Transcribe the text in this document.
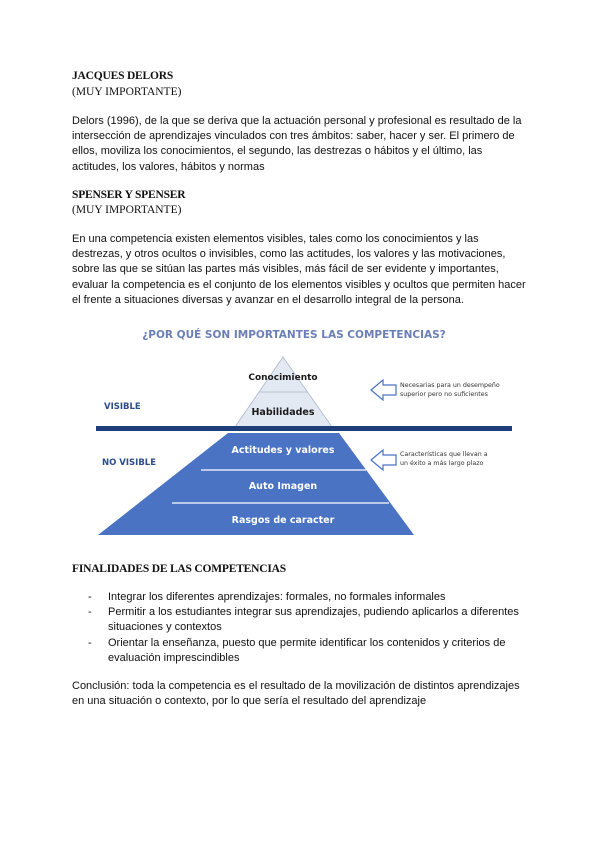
JACQUES DELORS
(MUY IMPORTANTE)
Delors (1996), de la que se deriva que la actuación personal y profesional es resultado de la intersección de aprendizajes vinculados con tres ámbitos: saber, hacer y ser. El primero de ellos, moviliza los conocimientos, el segundo, las destrezas o hábitos y el último, las actitudes, los valores, hábitos y normas
SPENSER Y SPENSER
(MUY IMPORTANTE)
En una competencia existen elementos visibles, tales como los conocimientos y las destrezas, y otros ocultos o invisibles, como las actitudes, los valores y las motivaciones, sobre las que se sitúan las partes más visibles, más fácil de ser evidente y importantes, evaluar la competencia es el conjunto de los elementos visibles y ocultos que permiten hacer el frente a situaciones diversas y avanzar en el desarrollo integral de la persona.
¿POR QUÉ SON IMPORTANTES LAS COMPETENCIAS?
Conocimiento
Habilidades
Actitudes y valores
Auto Imagen
Rasgos de caracter
VISIBLE
NO VISIBLE
Necesarias para un desempeño
superior pero no suficientes
Características que llevan a
un éxito a más largo plazo
FINALIDADES DE LAS COMPETENCIAS
- Integrar los diferentes aprendizajes: formales, no formales informales
- Permitir a los estudiantes integrar sus aprendizajes, pudiendo aplicarlos a diferentes situaciones y contextos
- Orientar la enseñanza, puesto que permite identificar los contenidos y criterios de evaluación imprescindibles
Conclusión: toda la competencia es el resultado de la movilización de distintos aprendizajes en una situación o contexto, por lo que sería el resultado del aprendizaje
